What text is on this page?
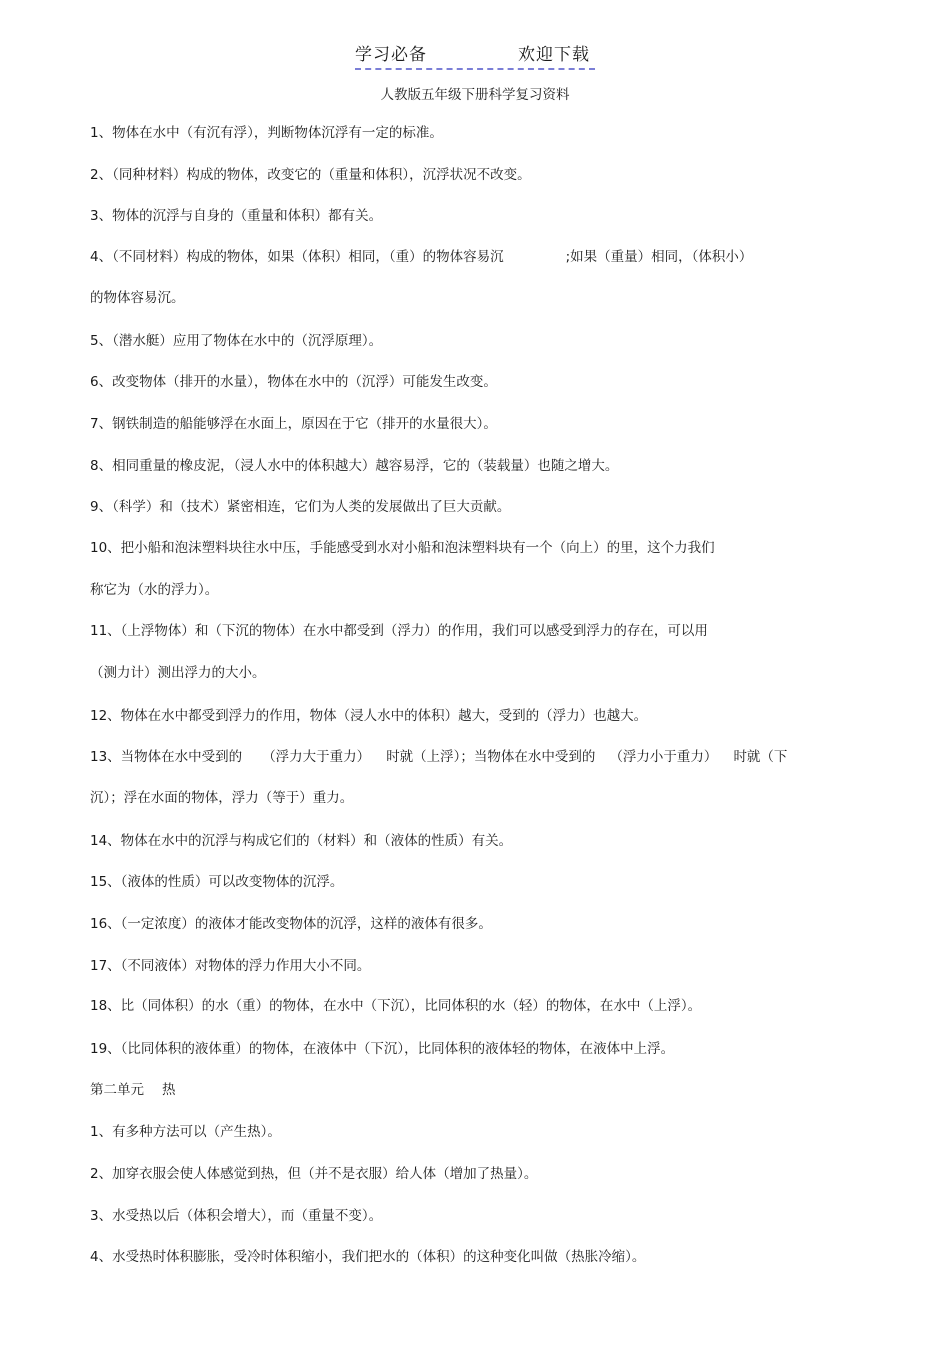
学习必备	欢迎下载
人教版五年级下册科学复习资料
1、物体在水中（有沉有浮），判断物体沉浮有一定的标准。
2、（同种材料）构成的物体，改变它的（重量和体积），沉浮状况不改变。
3、物体的沉浮与自身的（重量和体积）都有关。
4、（不同材料）构成的物体，如果（体积）相同，（重）的物体容易沉	;如果（重量）相同，（体积小）
的物体容易沉。
5、（潜水艇）应用了物体在水中的（沉浮原理）。
6、改变物体（排开的水量），物体在水中的（沉浮）可能发生改变。
7、钢铁制造的船能够浮在水面上，原因在于它（排开的水量很大）。
8、相同重量的橡皮泥，（浸人水中的体积越大）越容易浮，它的（装载量）也随之增大。
9、（科学）和（技术）紧密相连，它们为人类的发展做出了巨大贡献。
10、把小船和泡沫塑料块往水中压，手能感受到水对小船和泡沫塑料块有一个（向上）的里，这个力我们
称它为（水的浮力）。
11、（上浮物体）和（下沉的物体）在水中都受到（浮力）的作用，我们可以感受到浮力的存在，可以用
（测力计）测出浮力的大小。
12、物体在水中都受到浮力的作用，物体（浸人水中的体积）越大，受到的（浮力）也越大。
13、当物体在水中受到的 （浮力大于重力） 时就（上浮）；当物体在水中受到的 （浮力小于重力） 时就（下
沉）；浮在水面的物体，浮力（等于）重力。
14、物体在水中的沉浮与构成它们的（材料）和（液体的性质）有关。
15、（液体的性质）可以改变物体的沉浮。
16、（一定浓度）的液体才能改变物体的沉浮，这样的液体有很多。
17、（不同液体）对物体的浮力作用大小不同。
18、比（同体积）的水（重）的物体，在水中（下沉），比同体积的水（轻）的物体，在水中（上浮）。
19、（比同体积的液体重）的物体，在液体中（下沉），比同体积的液体轻的物体，在液体中上浮。
第二单元 热
1、有多种方法可以（产生热）。
2、加穿衣服会使人体感觉到热，但（并不是衣服）给人体（增加了热量）。
3、水受热以后（体积会增大），而（重量不变）。
4、水受热时体积膨胀，受冷时体积缩小，我们把水的（体积）的这种变化叫做（热胀冷缩）。
